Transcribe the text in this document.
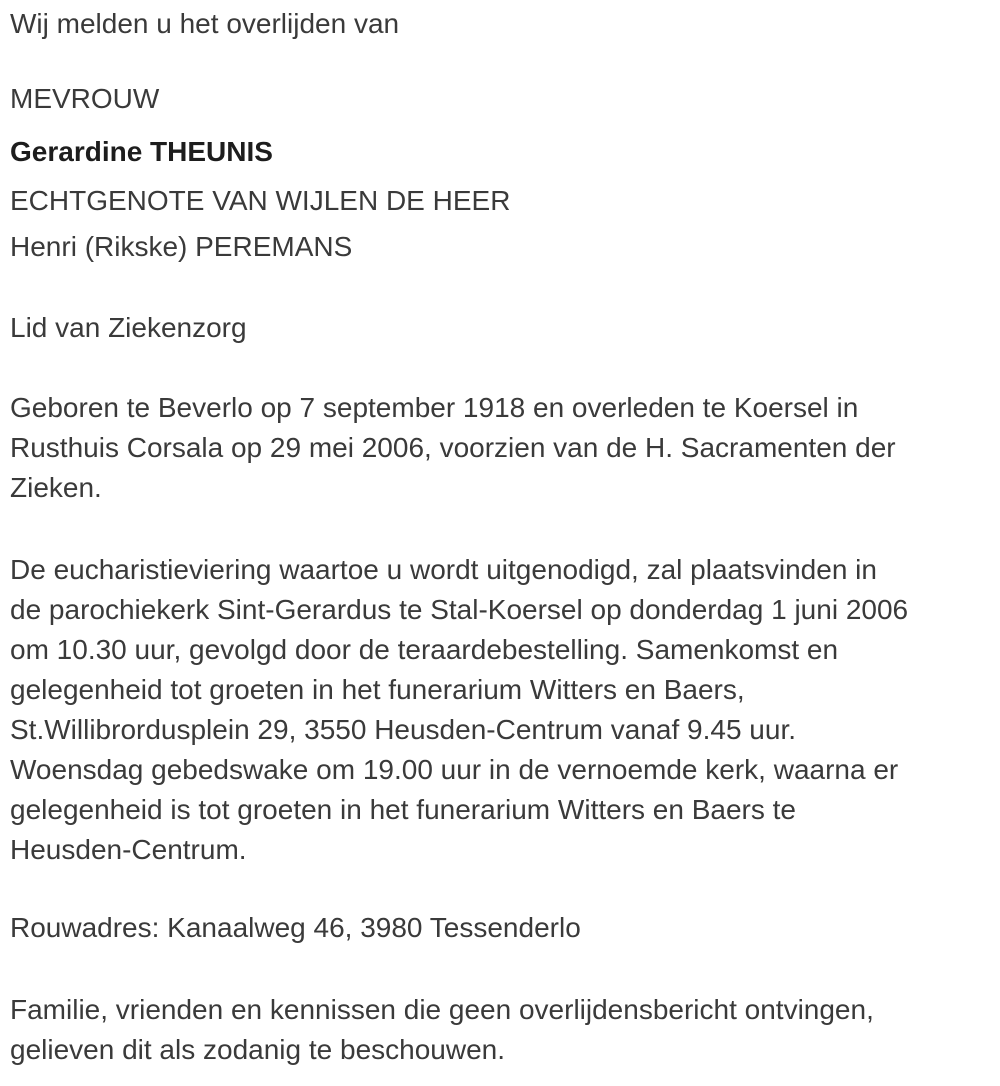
Wij melden u het overlijden van
MEVROUW
Gerardine THEUNIS
ECHTGENOTE VAN WIJLEN DE HEER
Henri (Rikske) PEREMANS
Lid van Ziekenzorg
Geboren te Beverlo op 7 september 1918 en overleden te Koersel in
Rusthuis Corsala op 29 mei 2006, voorzien van de H. Sacramenten der
Zieken.
De eucharistieviering waartoe u wordt uitgenodigd, zal plaatsvinden in
de parochiekerk Sint-Gerardus te Stal-Koersel op donderdag 1 juni 2006
om 10.30 uur, gevolgd door de teraardebestelling. Samenkomst en
gelegenheid tot groeten in het funerarium Witters en Baers,
St.Willibrordusplein 29, 3550 Heusden-Centrum vanaf 9.45 uur.
Woensdag gebedswake om 19.00 uur in de vernoemde kerk, waarna er
gelegenheid is tot groeten in het funerarium Witters en Baers te
Heusden-Centrum.
Rouwadres: Kanaalweg 46, 3980 Tessenderlo
Familie, vrienden en kennissen die geen overlijdensbericht ontvingen,
gelieven dit als zodanig te beschouwen.
